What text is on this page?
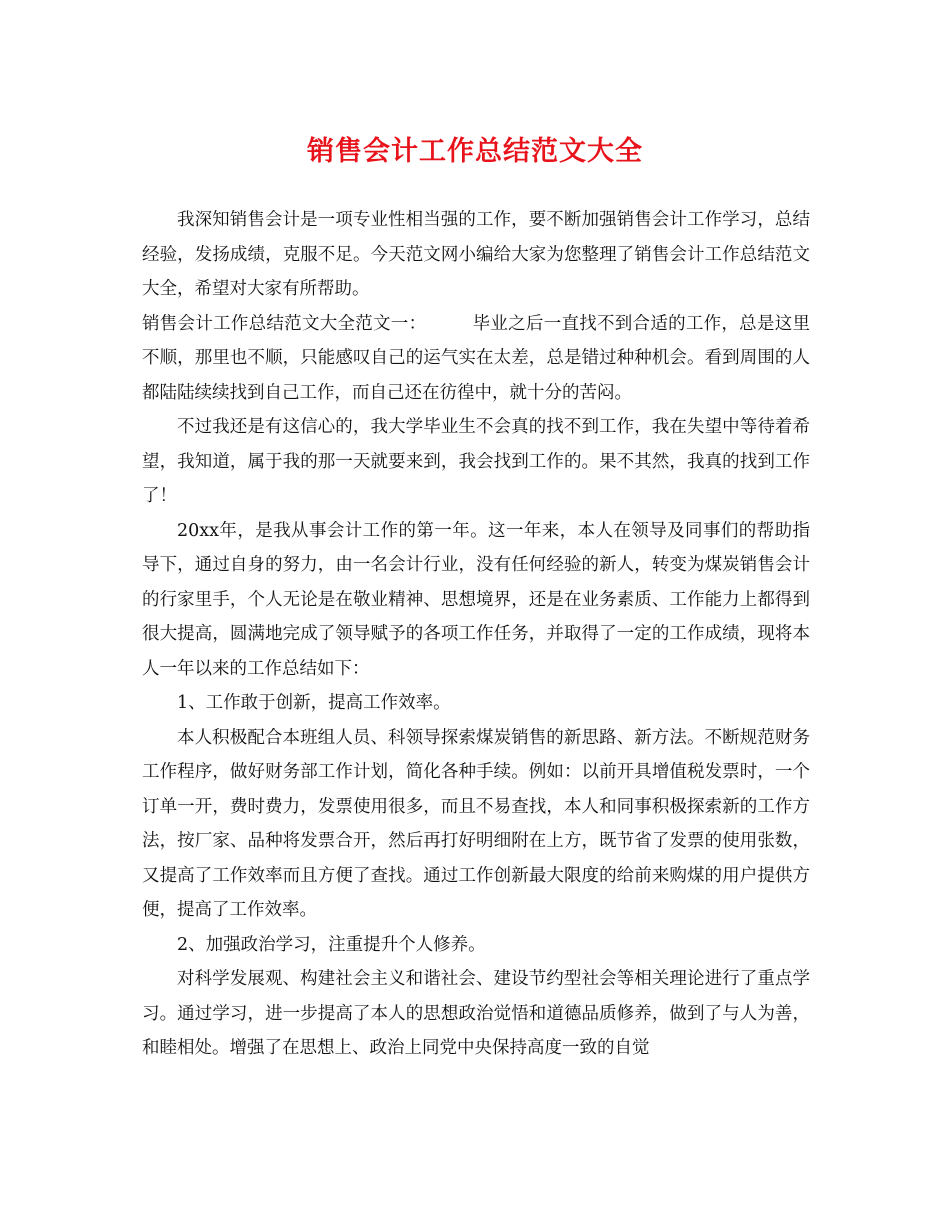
销售会计工作总结范文大全

我深知销售会计是一项专业性相当强的工作，要不断加强销售会计工作学习，总结经验，发扬成绩，克服不足。今天范文网小编给大家为您整理了销售会计工作总结范文大全，希望对大家有所帮助。

销售会计工作总结范文大全范文一：	毕业之后一直找不到合适的工作，总是这里不顺，那里也不顺，只能感叹自己的运气实在太差，总是错过种种机会。看到周围的人都陆陆续续找到自己工作，而自己还在彷徨中，就十分的苦闷。

不过我还是有这信心的，我大学毕业生不会真的找不到工作，我在失望中等待着希望，我知道，属于我的那一天就要来到，我会找到工作的。果不其然，我真的找到工作了！

20xx年，是我从事会计工作的第一年。这一年来，本人在领导及同事们的帮助指导下，通过自身的努力，由一名会计行业，没有任何经验的新人，转变为煤炭销售会计的行家里手，个人无论是在敬业精神、思想境界，还是在业务素质、工作能力上都得到很大提高，圆满地完成了领导赋予的各项工作任务，并取得了一定的工作成绩，现将本人一年以来的工作总结如下：

1、工作敢于创新，提高工作效率。

本人积极配合本班组人员、科领导探索煤炭销售的新思路、新方法。不断规范财务工作程序，做好财务部工作计划，简化各种手续。例如：以前开具增值税发票时，一个订单一开，费时费力，发票使用很多，而且不易查找，本人和同事积极探索新的工作方法，按厂家、品种将发票合开，然后再打好明细附在上方，既节省了发票的使用张数，又提高了工作效率而且方便了查找。通过工作创新最大限度的给前来购煤的用户提供方便，提高了工作效率。

2、加强政治学习，注重提升个人修养。

对科学发展观、构建社会主义和谐社会、建设节约型社会等相关理论进行了重点学习。通过学习，进一步提高了本人的思想政治觉悟和道德品质修养，做到了与人为善，和睦相处。增强了在思想上、政治上同党中央保持高度一致的自觉
